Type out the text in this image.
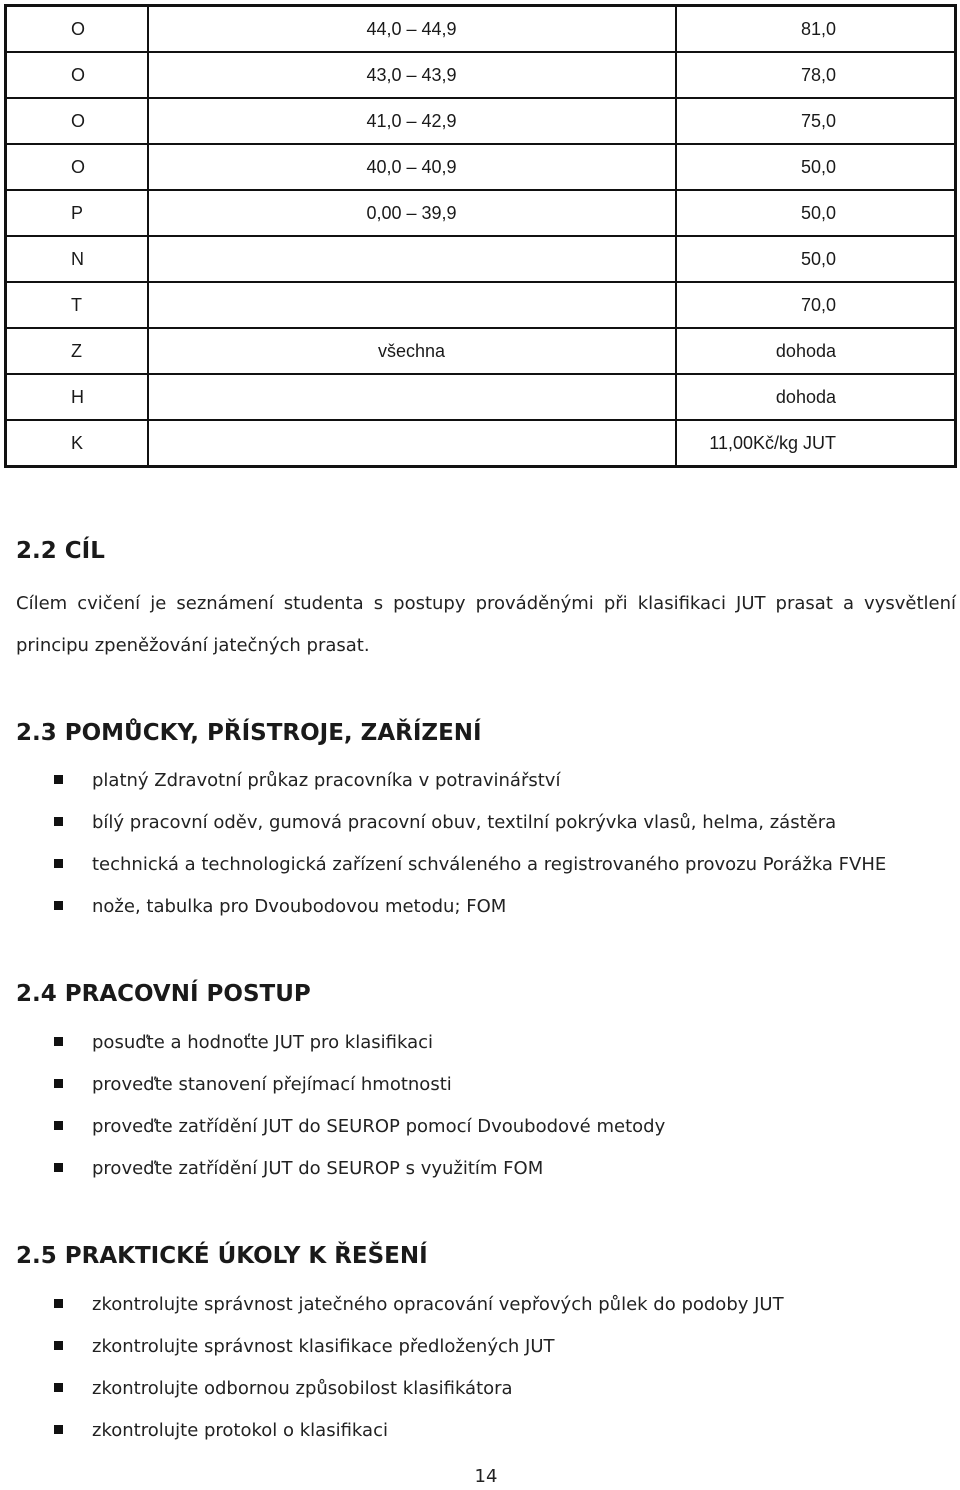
O	44,0 – 44,9	81,0
O	43,0 – 43,9	78,0
O	41,0 – 42,9	75,0
O	40,0 – 40,9	50,0
P	0,00 – 39,9	50,0
N		50,0
T		70,0
Z	všechna	dohoda
H		dohoda
K		11,00Kč/kg JUT
2.2 CÍL

Cílem cvičení je seznámení studenta s postupy prováděnými při klasifikaci JUT prasat a vysvětlení principu zpeněžování jatečných prasat.

2.3 POMŮCKY, PŘÍSTROJE, ZAŘÍZENÍ
platný Zdravotní průkaz pracovníka v potravinářství
bílý pracovní oděv, gumová pracovní obuv, textilní pokrývka vlasů, helma, zástěra
technická a technologická zařízení schváleného a registrovaného provozu Porážka FVHE
nože, tabulka pro Dvoubodovou metodu; FOM
2.4 PRACOVNÍ POSTUP
posuďte a hodnoťte JUT pro klasifikaci
proveďte stanovení přejímací hmotnosti
proveďte zatřídění JUT do SEUROP pomocí Dvoubodové metody
proveďte zatřídění JUT do SEUROP s využitím FOM
2.5 PRAKTICKÉ ÚKOLY K ŘEŠENÍ
zkontrolujte správnost jatečného opracování vepřových půlek do podoby JUT
zkontrolujte správnost klasifikace předložených JUT
zkontrolujte odbornou způsobilost klasifikátora
zkontrolujte protokol o klasifikaci
14
